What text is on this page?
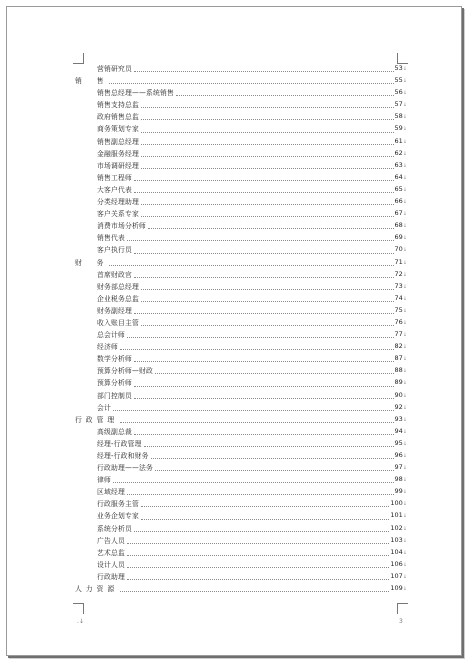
营销研究员	53↓
销　售	55↓
销售总经理——系统销售	56↓
销售支持总监	57↓
政府销售总监	58↓
商务策划专家	59↓
销售副总经理	61↓
金融服务经理	62↓
市场调研经理	63↓
销售工程师	64↓
大客户代表	65↓
分类经理助理	66↓
客户关系专家	67↓
消费市场分析师	68↓
销售代表	69↓
客户执行员	70↓
财　务	71↓
首席财政官	72↓
财务部总经理	73↓
企业税务总监	74↓
财务副经理	75↓
收入账目主管	76↓
总会计师	77↓
经济师	82↓
数学分析师	87↓
预算分析师—财政	88↓
预算分析师	89↓
部门控制员	90↓
会计	92↓
行政管理	93↓
高级副总裁	94↓
经理-行政管理	95↓
经理-行政和财务	96↓
行政助理——法务	97↓
律师	98↓
区域经理	99↓
行政服务主管	100↓
业务企划专家	101↓
系统分析员	102↓
广告人员	103↓
艺术总监	104↓
设计人员	106↓
行政助理	107↓
人力资源	109↓
.↓	3
